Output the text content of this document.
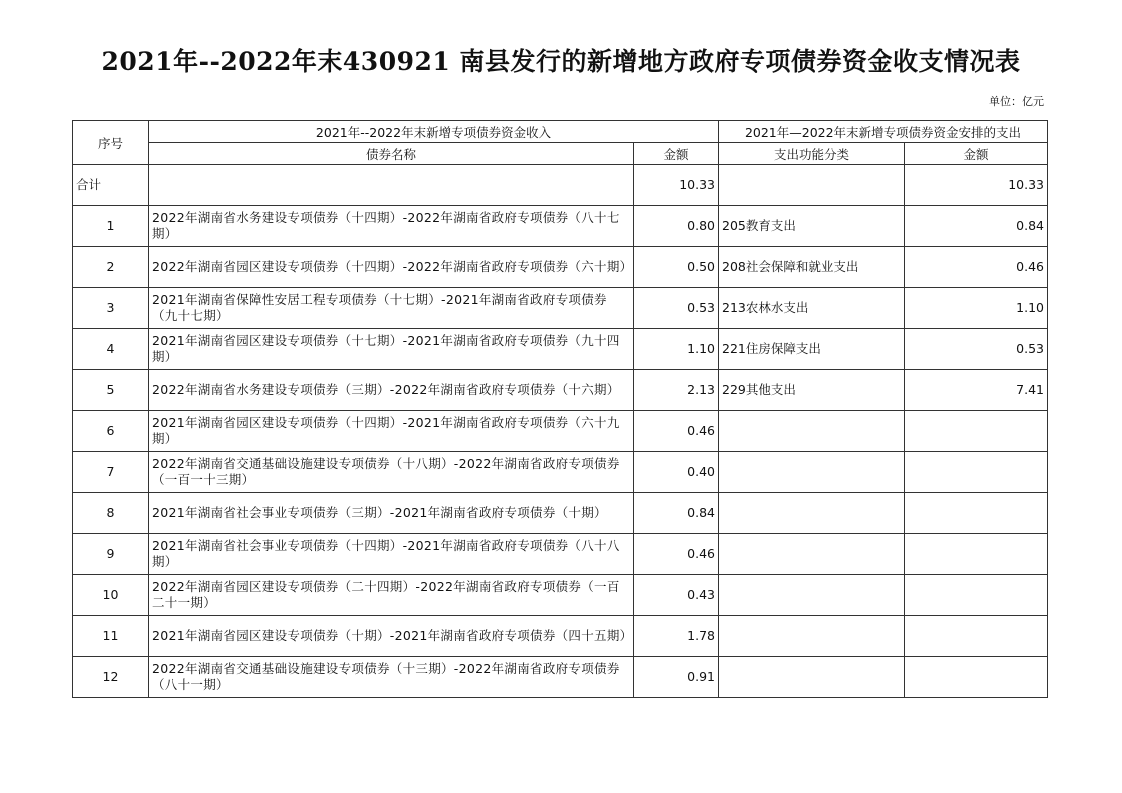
2021年--2022年末430921 南县发行的新增地方政府专项债券资金收支情况表
单位：亿元
序号	2021年--2022年末新增专项债券资金收入		2021年—2022年末新增专项债券资金安排的支出	
	债券名称	金额	支出功能分类	金额
合计		10.33		10.33
1	2022年湖南省水务建设专项债券（十四期）-2022年湖南省政府专项债券（八十七期）	0.80	205教育支出	0.84
2	2022年湖南省园区建设专项债券（十四期）-2022年湖南省政府专项债券（六十期）	0.50	208社会保障和就业支出	0.46
3	2021年湖南省保障性安居工程专项债券（十七期）-2021年湖南省政府专项债券（九十七期）	0.53	213农林水支出	1.10
4	2021年湖南省园区建设专项债券（十七期）-2021年湖南省政府专项债券（九十四期）	1.10	221住房保障支出	0.53
5	2022年湖南省水务建设专项债券（三期）-2022年湖南省政府专项债券（十六期）	2.13	229其他支出	7.41
6	2021年湖南省园区建设专项债券（十四期）-2021年湖南省政府专项债券（六十九期）	0.46		
7	2022年湖南省交通基础设施建设专项债券（十八期）-2022年湖南省政府专项债券（一百一十三期）	0.40		
8	2021年湖南省社会事业专项债券（三期）-2021年湖南省政府专项债券（十期）	0.84		
9	2021年湖南省社会事业专项债券（十四期）-2021年湖南省政府专项债券（八十八期）	0.46		
10	2022年湖南省园区建设专项债券（二十四期）-2022年湖南省政府专项债券（一百二十一期）	0.43		
11	2021年湖南省园区建设专项债券（十期）-2021年湖南省政府专项债券（四十五期）	1.78		
12	2022年湖南省交通基础设施建设专项债券（十三期）-2022年湖南省政府专项债券（八十一期）	0.91		
